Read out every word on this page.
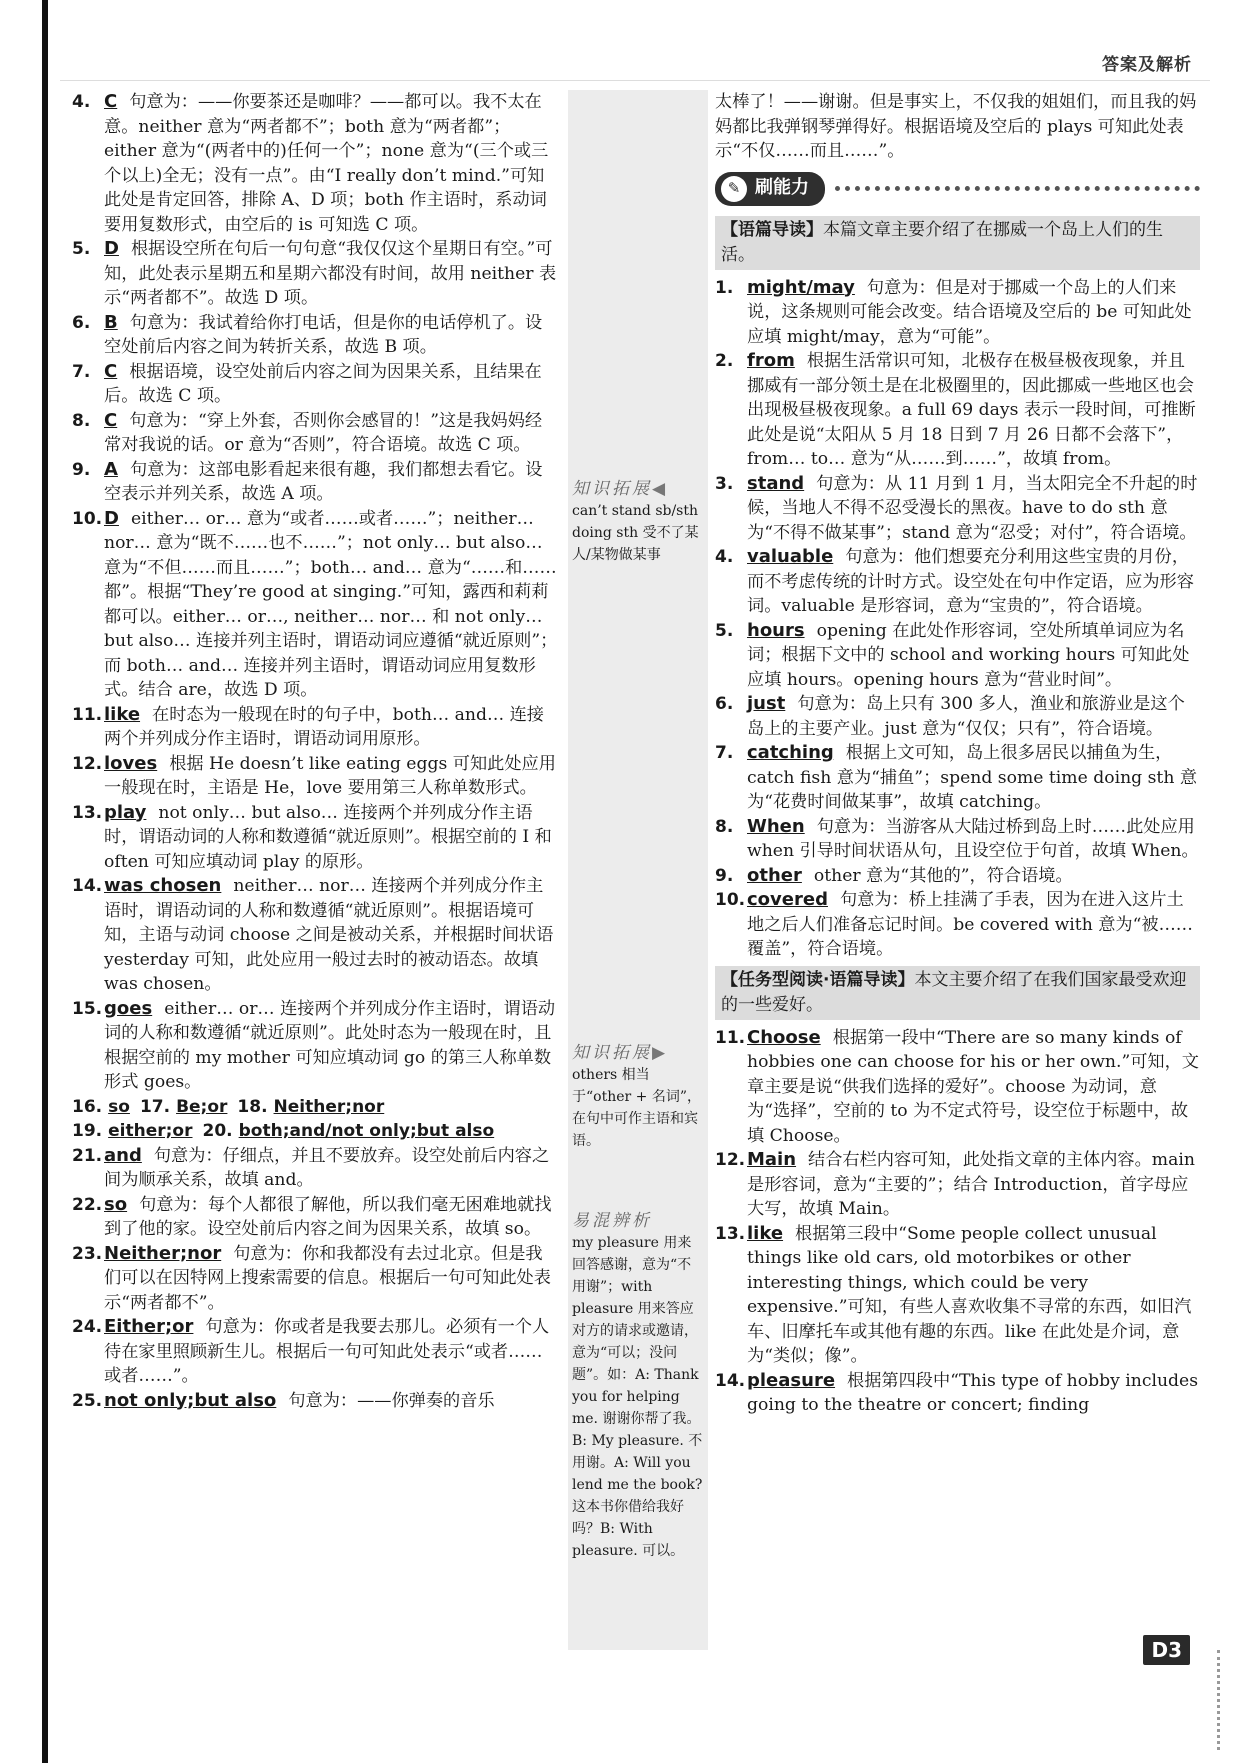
答案及解析

4. C 句意为：——你要茶还是咖啡？——都可以。我不太在意。neither 意为“两者都不”；both 意为“两者都”；either 意为“(两者中的)任何一个”；none 意为“(三个或三个以上)全无；没有一点”。由“I really don’t mind.”可知此处是肯定回答，排除 A、D 项；both 作主语时，系动词要用复数形式，由空后的 is 可知选 C 项。

5. D 根据设空所在句后一句句意“我仅仅这个星期日有空。”可知，此处表示星期五和星期六都没有时间，故用 neither 表示“两者都不”。故选 D 项。

6. B 句意为：我试着给你打电话，但是你的电话停机了。设空处前后内容之间为转折关系，故选 B 项。

7. C 根据语境，设空处前后内容之间为因果关系，且结果在后。故选 C 项。

8. C 句意为：“穿上外套，否则你会感冒的！”这是我妈妈经常对我说的话。or 意为“否则”，符合语境。故选 C 项。

9. A 句意为：这部电影看起来很有趣，我们都想去看它。设空表示并列关系，故选 A 项。

10. D either… or… 意为“或者……或者……”；neither… nor… 意为“既不……也不……”；not only… but also… 意为“不但……而且……”；both… and… 意为“……和……都”。根据“They’re good at singing.”可知，露西和莉莉都可以。either… or…, neither… nor… 和 not only… but also… 连接并列主语时，谓语动词应遵循“就近原则”；而 both… and… 连接并列主语时，谓语动词应用复数形式。结合 are，故选 D 项。

11. like 在时态为一般现在时的句子中，both… and… 连接两个并列成分作主语时，谓语动词用原形。

12. loves 根据 He doesn’t like eating eggs 可知此处应用一般现在时，主语是 He，love 要用第三人称单数形式。

13. play not only… but also… 连接两个并列成分作主语时，谓语动词的人称和数遵循“就近原则”。根据空前的 I 和 often 可知应填动词 play 的原形。

14. was chosen neither… nor… 连接两个并列成分作主语时，谓语动词的人称和数遵循“就近原则”。根据语境可知，主语与动词 choose 之间是被动关系，并根据时间状语 yesterday 可知，此处应用一般过去时的被动语态。故填 was chosen。

15. goes either… or… 连接两个并列成分作主语时，谓语动词的人称和数遵循“就近原则”。此处时态为一般现在时，且根据空前的 my mother 可知应填动词 go 的第三人称单数形式 goes。

16. so 17. Be;or 18. Neither;nor

19. either;or 20. both;and/not only;but also

21. and 句意为：仔细点，并且不要放弃。设空处前后内容之间为顺承关系，故填 and。

22. so 句意为：每个人都很了解他，所以我们毫无困难地就找到了他的家。设空处前后内容之间为因果关系，故填 so。

23. Neither;nor 句意为：你和我都没有去过北京。但是我们可以在因特网上搜索需要的信息。根据后一句可知此处表示“两者都不”。

24. Either;or 句意为：你或者是我要去那儿。必须有一个人待在家里照顾新生儿。根据后一句可知此处表示“或者……或者……”。

25. not only;but also 句意为：——你弹奏的音乐

知识拓展◀
can’t stand sb/sth doing sth 受不了某人/某物做某事
知识拓展▶
others 相当于“other + 名词”，在句中可作主语和宾语。
易混辨析
my pleasure 用来回答感谢，意为“不用谢”；with pleasure 用来答应对方的请求或邀请，意为“可以；没问题”。如：A: Thank you for helping me. 谢谢你帮了我。B: My pleasure. 不用谢。A: Will you lend me the book? 这本书你借给我好吗？B: With pleasure. 可以。

太棒了！——谢谢。但是事实上，不仅我的姐姐们，而且我的妈妈都比我弹钢琴弹得好。根据语境及空后的 plays 可知此处表示“不仅……而且……”。

✎ 刷能力
【语篇导读】本篇文章主要介绍了在挪威一个岛上人们的生活。

1. might/may 句意为：但是对于挪威一个岛上的人们来说，这条规则可能会改变。结合语境及空后的 be 可知此处应填 might/may，意为“可能”。

2. from 根据生活常识可知，北极存在极昼极夜现象，并且挪威有一部分领土是在北极圈里的，因此挪威一些地区也会出现极昼极夜现象。a full 69 days 表示一段时间，可推断此处是说“太阳从 5 月 18 日到 7 月 26 日都不会落下”，from… to… 意为“从……到……”，故填 from。

3. stand 句意为：从 11 月到 1 月，当太阳完全不升起的时候，当地人不得不忍受漫长的黑夜。have to do sth 意为“不得不做某事”；stand 意为“忍受；对付”，符合语境。

4. valuable 句意为：他们想要充分利用这些宝贵的月份，而不考虑传统的计时方式。设空处在句中作定语，应为形容词。valuable 是形容词，意为“宝贵的”，符合语境。

5. hours opening 在此处作形容词，空处所填单词应为名词；根据下文中的 school and working hours 可知此处应填 hours。opening hours 意为“营业时间”。

6. just 句意为：岛上只有 300 多人，渔业和旅游业是这个岛上的主要产业。just 意为“仅仅；只有”，符合语境。

7. catching 根据上文可知，岛上很多居民以捕鱼为生，catch fish 意为“捕鱼”；spend some time doing sth 意为“花费时间做某事”，故填 catching。

8. When 句意为：当游客从大陆过桥到岛上时……此处应用 when 引导时间状语从句，且设空位于句首，故填 When。

9. other other 意为“其他的”，符合语境。

10. covered 句意为：桥上挂满了手表，因为在进入这片土地之后人们准备忘记时间。be covered with 意为“被……覆盖”，符合语境。

【任务型阅读·语篇导读】本文主要介绍了在我们国家最受欢迎的一些爱好。

11. Choose 根据第一段中“There are so many kinds of hobbies one can choose for his or her own.”可知，文章主要是说“供我们选择的爱好”。choose 为动词，意为“选择”，空前的 to 为不定式符号，设空位于标题中，故填 Choose。

12. Main 结合右栏内容可知，此处指文章的主体内容。main 是形容词，意为“主要的”；结合 Introduction，首字母应大写，故填 Main。

13. like 根据第三段中“Some people collect unusual things like old cars, old motorbikes or other interesting things, which could be very expensive.”可知，有些人喜欢收集不寻常的东西，如旧汽车、旧摩托车或其他有趣的东西。like 在此处是介词，意为“类似；像”。

14. pleasure 根据第四段中“This type of hobby includes going to the theatre or concert; finding

D3
